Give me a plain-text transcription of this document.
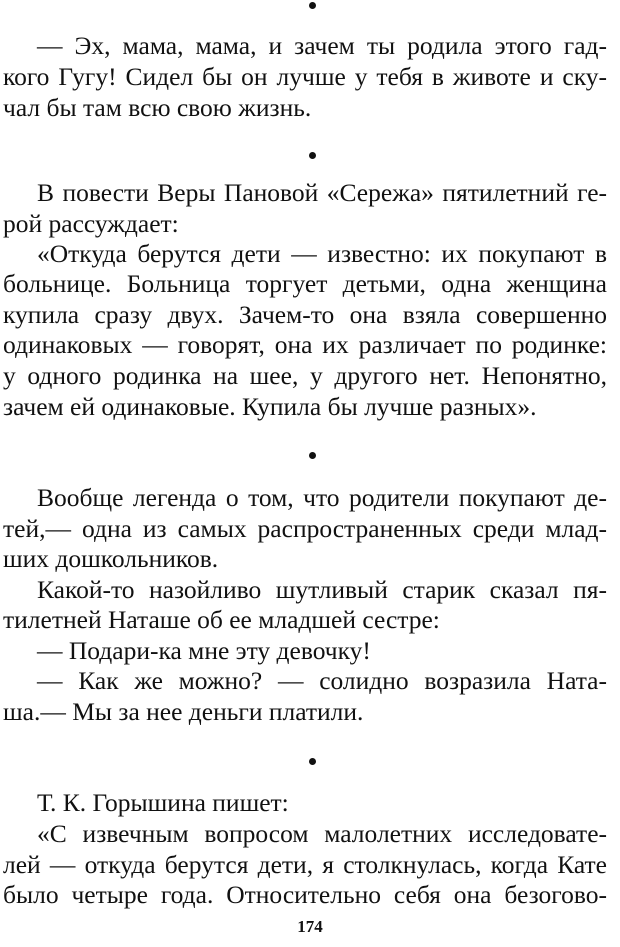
— Эх, мама, мама, и зачем ты родила этого гад-
кого Гугу! Сидел бы он лучше у тебя в животе и ску-
чал бы там всю свою жизнь.
В повести Веры Пановой «Сережа» пятилетний ге-
рой рассуждает:
«Откуда берутся дети — известно: их покупают в
больнице. Больница торгует детьми, одна женщина
купила сразу двух. Зачем-то она взяла совершенно
одинаковых — говорят, она их различает по родинке:
у одного родинка на шее, у другого нет. Непонятно,
зачем ей одинаковые. Купила бы лучше разных».
Вообще легенда о том, что родители покупают де-
тей,— одна из самых распространенных среди млад-
ших дошкольников.
Какой-то назойливо шутливый старик сказал пя-
тилетней Наташе об ее младшей сестре:
— Подари-ка мне эту девочку!
— Как же можно? — солидно возразила Ната-
ша.— Мы за нее деньги платили.
Т. К. Горышина пишет:
«С извечным вопросом малолетних исследовате-
лей — откуда берутся дети, я столкнулась, когда Кате
было четыре года. Относительно себя она безогово-
174
